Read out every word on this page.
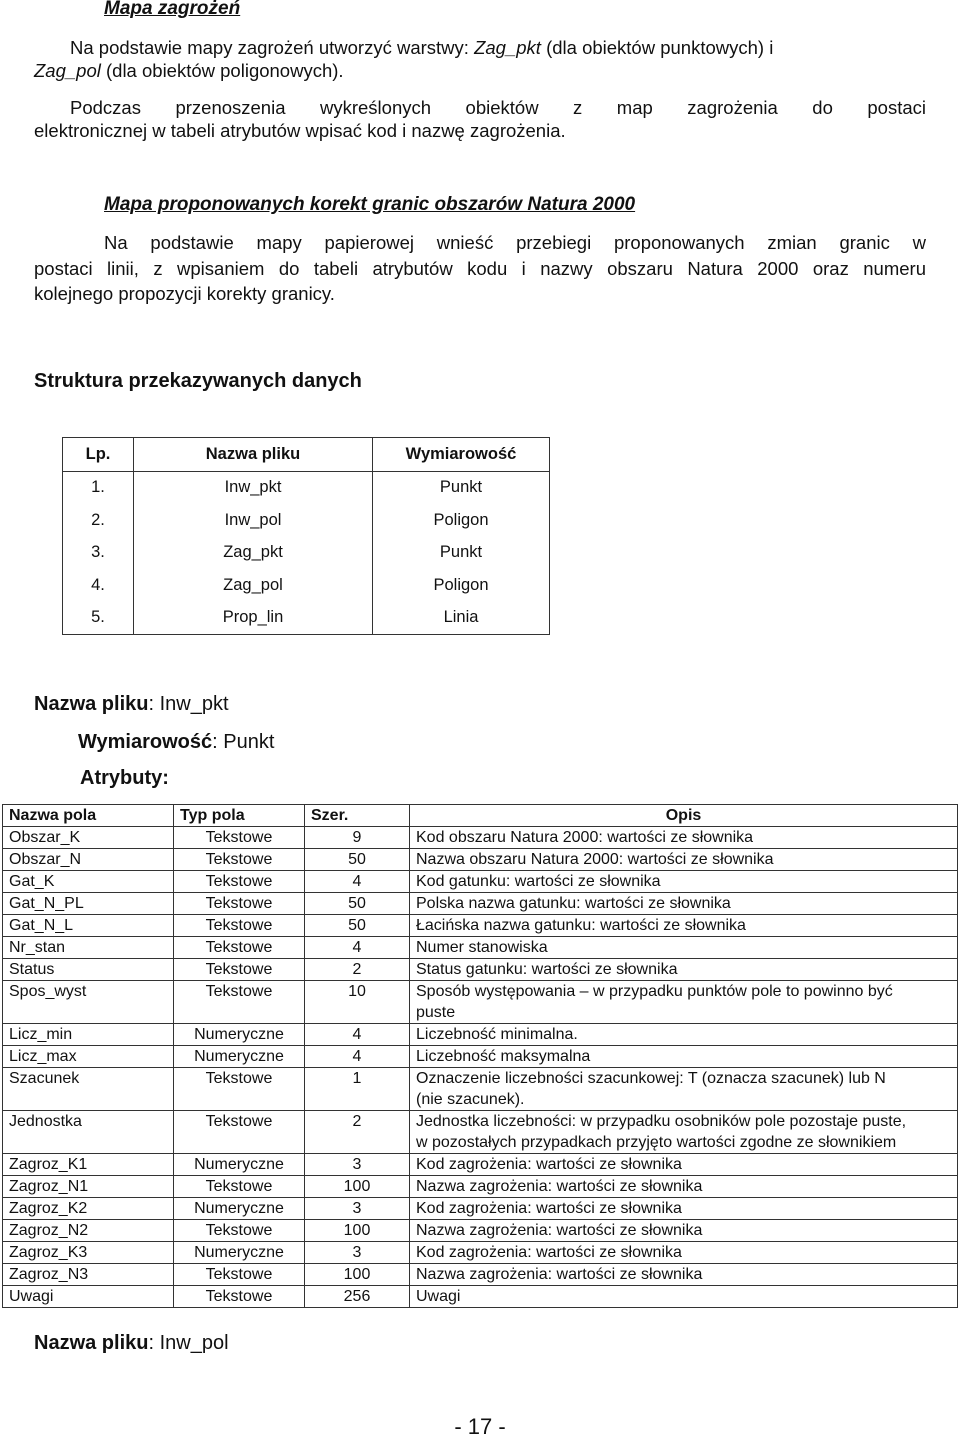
Mapa zagrożeń

Na podstawie mapy zagrożeń utworzyć warstwy: Zag_pkt (dla obiektów punktowych) i
Zag_pol (dla obiektów poligonowych).

Podczas przenoszenia wykreślonych obiektów z map zagrożenia do postaci

elektronicznej w tabeli atrybutów wpisać kod i nazwę zagrożenia.

Mapa proponowanych korekt granic obszarów Natura 2000

Na podstawie mapy papierowej wnieść przebiegi proponowanych zmian granic w

postaci linii, z wpisaniem do tabeli atrybutów kodu i nazwy obszaru Natura 2000 oraz numeru

kolejnego propozycji korekty granicy.

Struktura przekazywanych danych

Lp.	Nazwa pliku	Wymiarowość
1.	Inw_pkt	Punkt
2.	Inw_pol	Poligon
3.	Zag_pkt	Punkt
4.	Zag_pol	Poligon
5.	Prop_lin	Linia

Nazwa pliku: Inw_pkt

Wymiarowość: Punkt

Atrybuty:

Nazwa pola	Typ pola	Szer.	Opis
Obszar_K	Tekstowe	9	Kod obszaru Natura 2000: wartości ze słownika

Obszar_N	Tekstowe	50	Nazwa obszaru Natura 2000: wartości ze słownika

Gat_K	Tekstowe	4	Kod gatunku: wartości ze słownika

Gat_N_PL	Tekstowe	50	Polska nazwa gatunku: wartości ze słownika

Gat_N_L	Tekstowe	50	Łacińska nazwa gatunku: wartości ze słownika

Nr_stan	Tekstowe	4	Numer stanowiska

Status	Tekstowe	2	Status gatunku: wartości ze słownika

Spos_wyst	Tekstowe	10	Sposób występowania – w przypadku punktów pole to powinno być
puste

Licz_min	Numeryczne	4	Liczebność minimalna.

Licz_max	Numeryczne	4	Liczebność maksymalna

Szacunek	Tekstowe	1	Oznaczenie liczebności szacunkowej: T (oznacza szacunek) lub N
(nie szacunek).

Jednostka	Tekstowe	2	Jednostka liczebności: w przypadku osobników pole pozostaje puste,
w pozostałych przypadkach przyjęto wartości zgodne ze słownikiem

Zagroz_K1	Numeryczne	3	Kod zagrożenia: wartości ze słownika

Zagroz_N1	Tekstowe	100	Nazwa zagrożenia: wartości ze słownika

Zagroz_K2	Numeryczne	3	Kod zagrożenia: wartości ze słownika

Zagroz_N2	Tekstowe	100	Nazwa zagrożenia: wartości ze słownika

Zagroz_K3	Numeryczne	3	Kod zagrożenia: wartości ze słownika

Zagroz_N3	Tekstowe	100	Nazwa zagrożenia: wartości ze słownika

Uwagi	Tekstowe	256	Uwagi

Nazwa pliku: Inw_pol

- 17 -
